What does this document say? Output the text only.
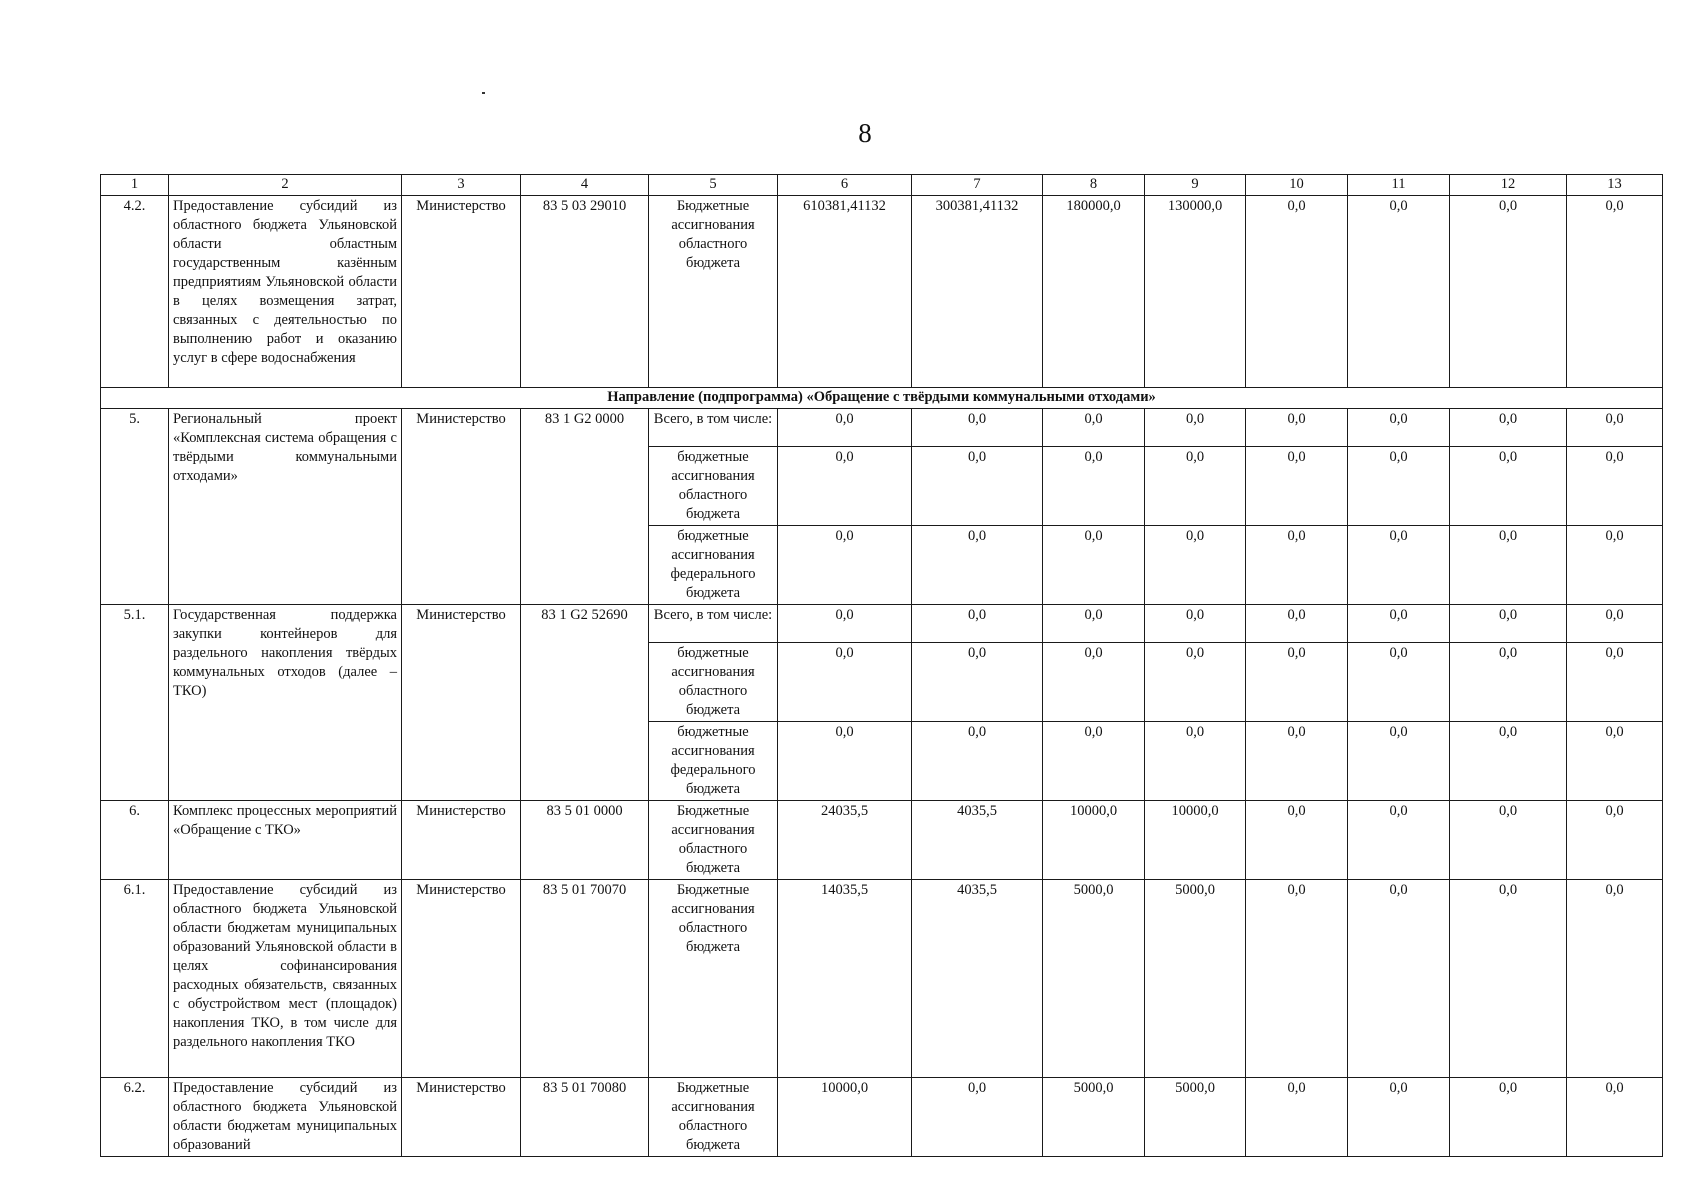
8
1	2	3	4	5	6	7	8	9	10	11	12	13
4.2.	Предоставление субсидий из областного бюджета Ульяновской области областным государственным казённым предприятиям Ульяновской области в целях возмещения затрат, связанных с деятельностью по выполнению работ и оказанию услуг в сфере водоснабжения	Министерство	83 5 03 29010	Бюджетные ассигнования областного бюджета	610381,41132	300381,41132	180000,0	130000,0	0,0	0,0	0,0	0,0
Направление (подпрограмма) «Обращение с твёрдыми коммунальными отходами»												
5.	Региональный проект «Комплексная система обращения с твёрдыми коммунальными отходами»	Министерство	83 1 G2 0000	Всего, в том числе:	0,0	0,0	0,0	0,0	0,0	0,0	0,0	0,0
				бюджетные ассигнования областного бюджета	0,0	0,0	0,0	0,0	0,0	0,0	0,0	0,0
				бюджетные ассигнования федерального бюджета	0,0	0,0	0,0	0,0	0,0	0,0	0,0	0,0
5.1.	Государственная поддержка закупки контейнеров для раздельного накопления твёрдых коммунальных отходов (далее – ТКО)	Министерство	83 1 G2 52690	Всего, в том числе:	0,0	0,0	0,0	0,0	0,0	0,0	0,0	0,0
				бюджетные ассигнования областного бюджета	0,0	0,0	0,0	0,0	0,0	0,0	0,0	0,0
				бюджетные ассигнования федерального бюджета	0,0	0,0	0,0	0,0	0,0	0,0	0,0	0,0
6.	Комплекс процессных мероприятий «Обращение с ТКО»	Министерство	83 5 01 0000	Бюджетные ассигнования областного бюджета	24035,5	4035,5	10000,0	10000,0	0,0	0,0	0,0	0,0
6.1.	Предоставление субсидий из областного бюджета Ульяновской области бюджетам муниципальных образований Ульяновской области в целях софинансирования расходных обязательств, связанных с обустройством мест (площадок) накопления ТКО, в том числе для раздельного накопления ТКО	Министерство	83 5 01 70070	Бюджетные ассигнования областного бюджета	14035,5	4035,5	5000,0	5000,0	0,0	0,0	0,0	0,0
6.2.	Предоставление субсидий из областного бюджета Ульяновской области бюджетам муниципальных образований	Министерство	83 5 01 70080	Бюджетные ассигнования областного бюджета	10000,0	0,0	5000,0	5000,0	0,0	0,0	0,0	0,0
